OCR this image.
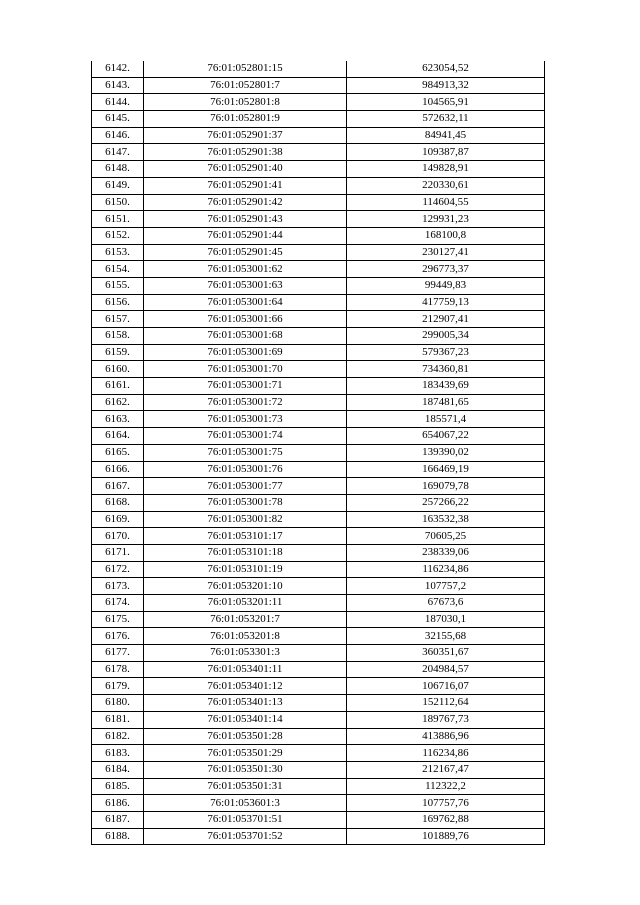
6142.	76:01:052801:15	623054,52
6143.	76:01:052801:7	984913,32
6144.	76:01:052801:8	104565,91
6145.	76:01:052801:9	572632,11
6146.	76:01:052901:37	84941,45
6147.	76:01:052901:38	109387,87
6148.	76:01:052901:40	149828,91
6149.	76:01:052901:41	220330,61
6150.	76:01:052901:42	114604,55
6151.	76:01:052901:43	129931,23
6152.	76:01:052901:44	168100,8
6153.	76:01:052901:45	230127,41
6154.	76:01:053001:62	296773,37
6155.	76:01:053001:63	99449,83
6156.	76:01:053001:64	417759,13
6157.	76:01:053001:66	212907,41
6158.	76:01:053001:68	299005,34
6159.	76:01:053001:69	579367,23
6160.	76:01:053001:70	734360,81
6161.	76:01:053001:71	183439,69
6162.	76:01:053001:72	187481,65
6163.	76:01:053001:73	185571,4
6164.	76:01:053001:74	654067,22
6165.	76:01:053001:75	139390,02
6166.	76:01:053001:76	166469,19
6167.	76:01:053001:77	169079,78
6168.	76:01:053001:78	257266,22
6169.	76:01:053001:82	163532,38
6170.	76:01:053101:17	70605,25
6171.	76:01:053101:18	238339,06
6172.	76:01:053101:19	116234,86
6173.	76:01:053201:10	107757,2
6174.	76:01:053201:11	67673,6
6175.	76:01:053201:7	187030,1
6176.	76:01:053201:8	32155,68
6177.	76:01:053301:3	360351,67
6178.	76:01:053401:11	204984,57
6179.	76:01:053401:12	106716,07
6180.	76:01:053401:13	152112,64
6181.	76:01:053401:14	189767,73
6182.	76:01:053501:28	413886,96
6183.	76:01:053501:29	116234,86
6184.	76:01:053501:30	212167,47
6185.	76:01:053501:31	112322,2
6186.	76:01:053601:3	107757,76
6187.	76:01:053701:51	169762,88
6188.	76:01:053701:52	101889,76
